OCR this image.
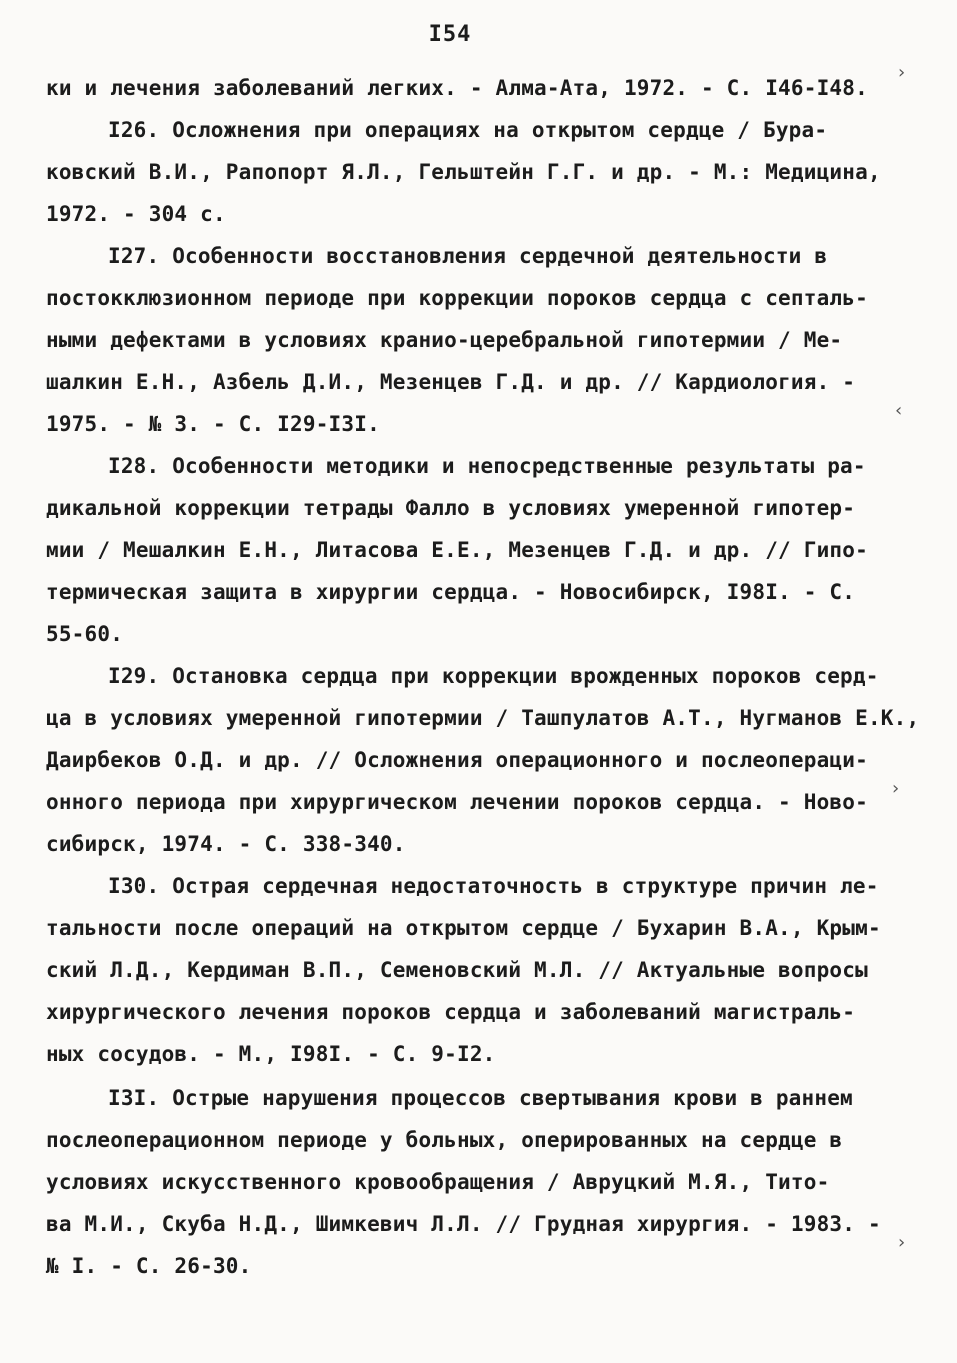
I54
ки и лечения заболеваний легких. - Алма-Ата, 1972. - С. I46-I48.
I26. Осложнения при операциях на открытом сердце / Бура-
ковский В.И., Рапопорт Я.Л., Гельштейн Г.Г. и др. - М.: Медицина,
1972. - 304 с.
I27. Особенности восстановления сердечной деятельности в
постокклюзионном периоде при коррекции пороков сердца с септаль-
ными дефектами в условиях кранио-церебральной гипотермии / Ме-
шалкин Е.Н., Азбель Д.И., Мезенцев Г.Д. и др. // Кардиология. -
1975. - № 3. - С. I29-I3I.
I28. Особенности методики и непосредственные результаты ра-
дикальной коррекции тетрады Фалло в условиях умеренной гипотер-
мии / Мешалкин Е.Н., Литасова Е.Е., Мезенцев Г.Д. и др. // Гипо-
термическая защита в хирургии сердца. - Новосибирск, I98I. - С.
55-60.
I29. Остановка сердца при коррекции врожденных пороков серд-
ца в условиях умеренной гипотермии / Ташпулатов А.Т., Нугманов Е.К.,
Даирбеков О.Д. и др. // Осложнения операционного и послеопераци-
онного периода при хирургическом лечении пороков сердца. - Ново-
сибирск, 1974. - С. 338-340.
I30. Острая сердечная недостаточность в структуре причин ле-
тальности после операций на открытом сердце / Бухарин В.А., Крым-
ский Л.Д., Кердиман В.П., Семеновский М.Л. // Актуальные вопросы
хирургического лечения пороков сердца и заболеваний магистраль-
ных сосудов. - М., I98I. - С. 9-I2.
I3I. Острые нарушения процессов свертывания крови в раннем
послеоперационном периоде у больных, оперированных на сердце в
условиях искусственного кровообращения / Авруцкий М.Я., Тито-
ва М.И., Скуба Н.Д., Шимкевич Л.Л. // Грудная хирургия. - 1983. -
№ I. - С. 26-30.
›
‹
›
›
